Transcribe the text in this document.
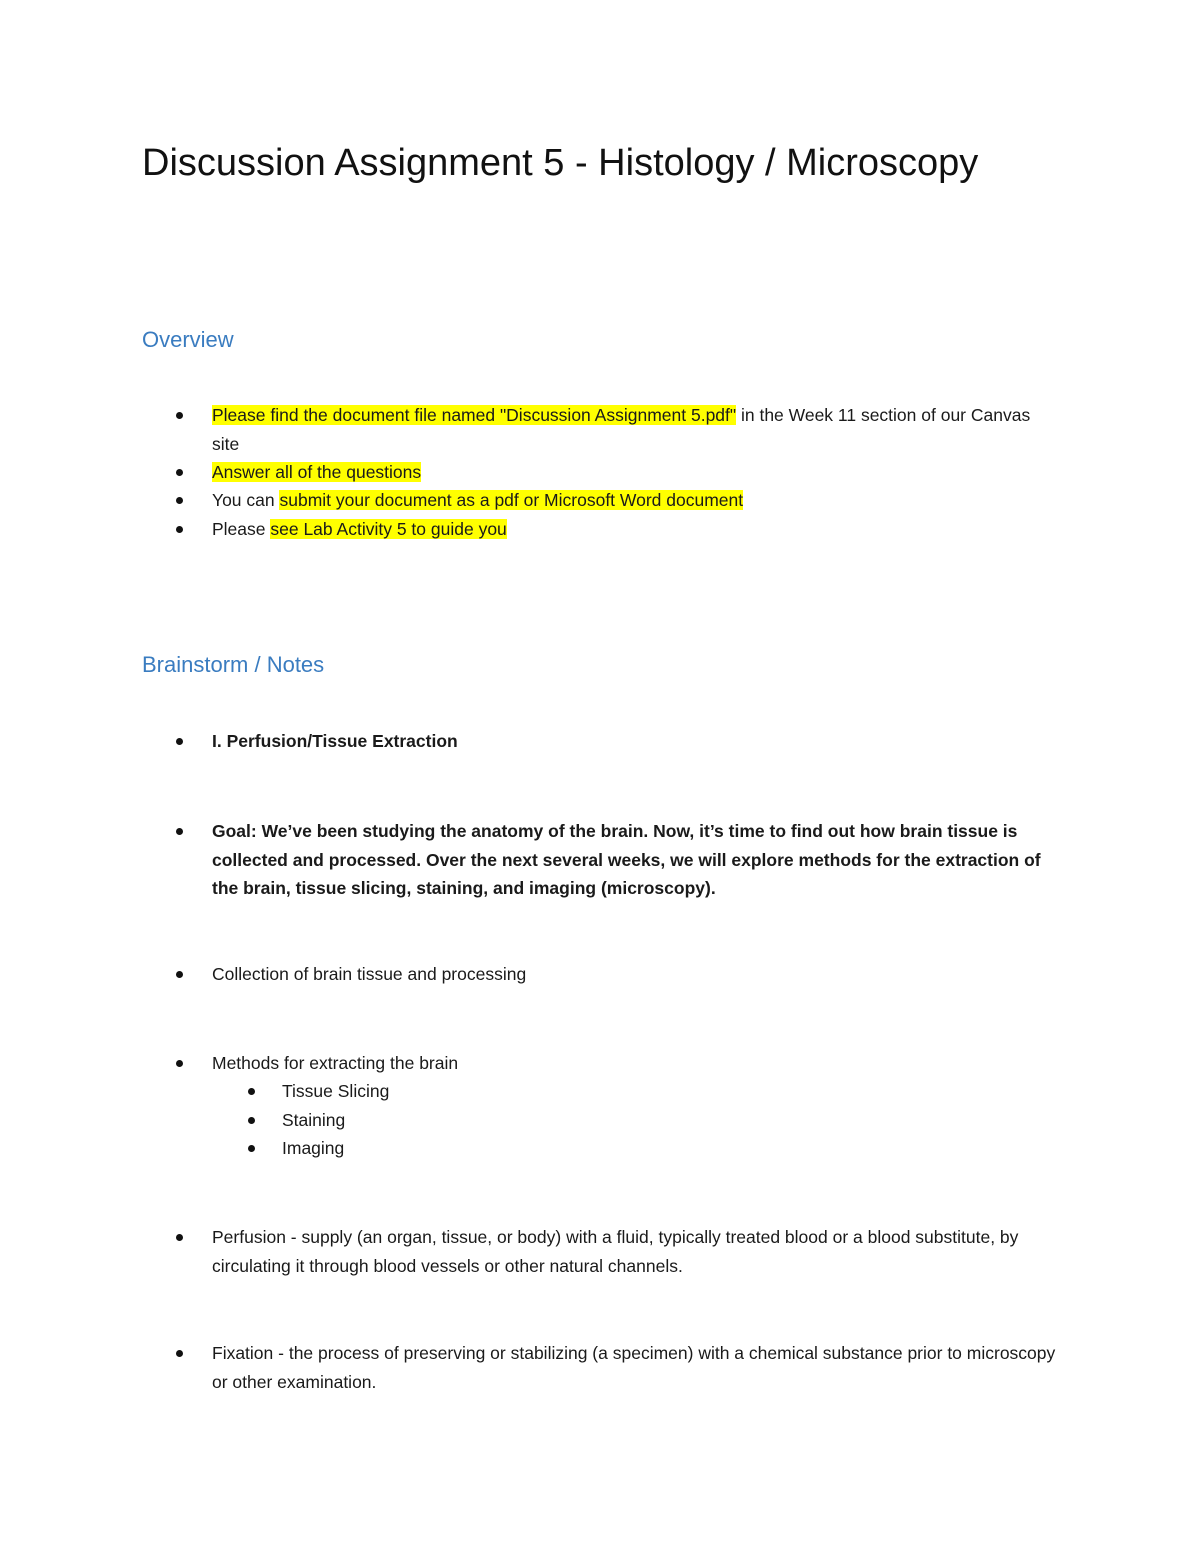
Discussion Assignment 5 - Histology / Microscopy
Overview
Please find the document file named "Discussion Assignment 5.pdf" in the Week 11 section of our Canvas site
Answer all of the questions
You can submit your document as a pdf or Microsoft Word document
Please see Lab Activity 5 to guide you
Brainstorm / Notes
I. Perfusion/Tissue Extraction
Goal: We’ve been studying the anatomy of the brain. Now, it’s time to find out how brain tissue is collected and processed. Over the next several weeks, we will explore methods for the extraction of the brain, tissue slicing, staining, and imaging (microscopy).
Collection of brain tissue and processing
Methods for extracting the brain
Tissue Slicing
Staining
Imaging
Perfusion - supply (an organ, tissue, or body) with a fluid, typically treated blood or a blood substitute, by circulating it through blood vessels or other natural channels.
Fixation - the process of preserving or stabilizing (a specimen) with a chemical substance prior to microscopy or other examination.
